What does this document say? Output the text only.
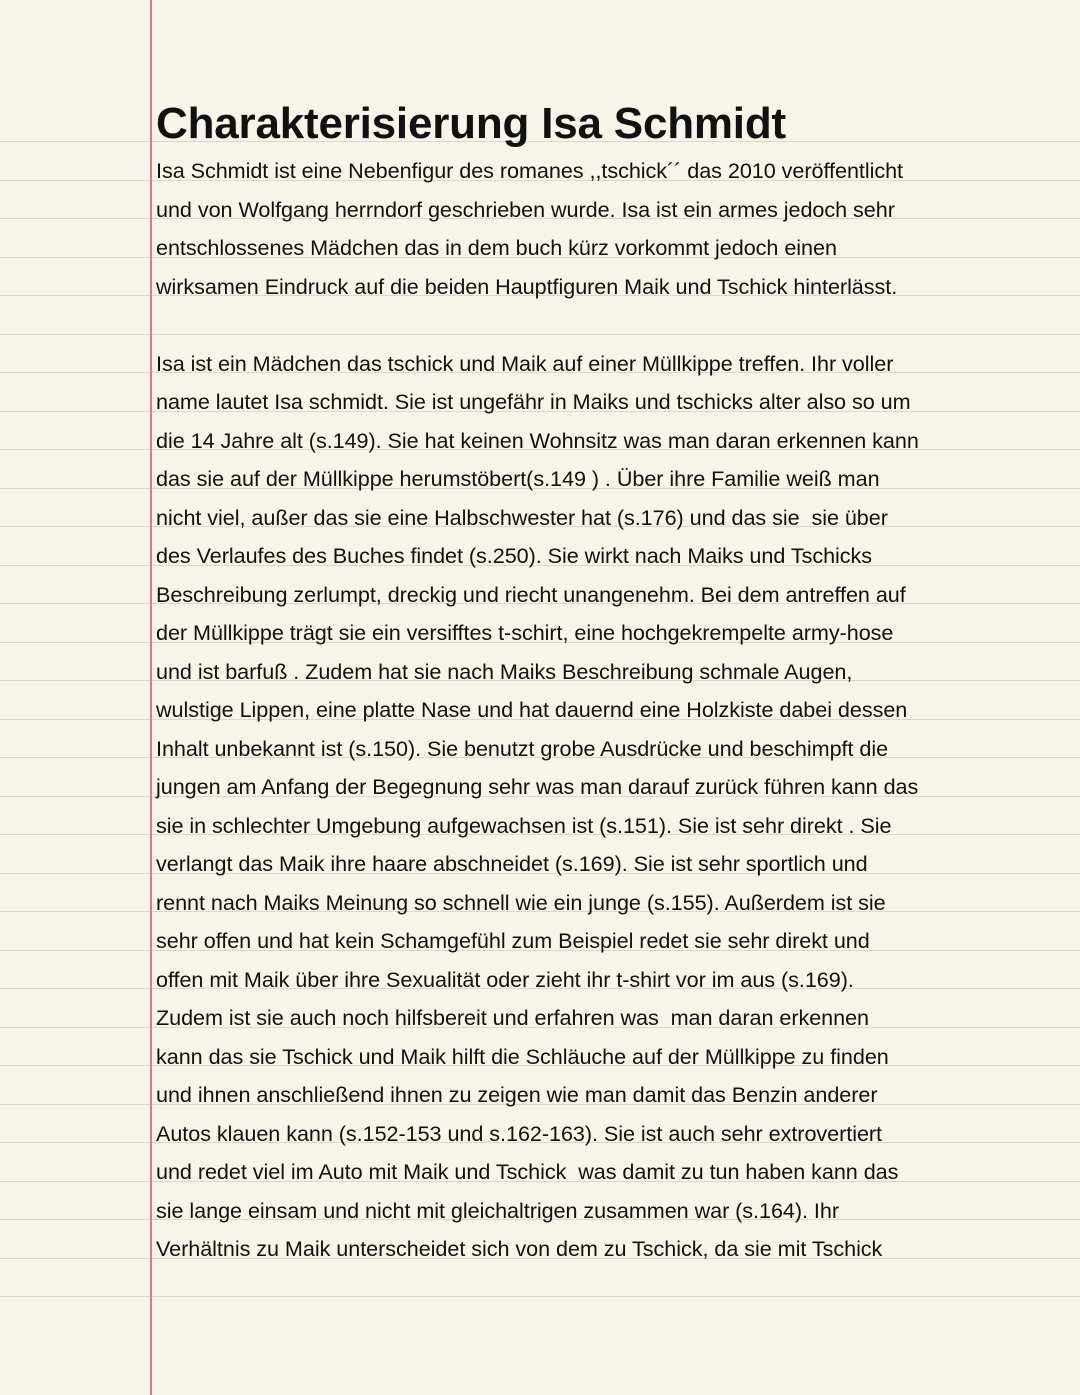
Charakterisierung Isa Schmidt
Isa Schmidt ist eine Nebenfigur des romanes ,,tschick´´ das 2010 veröffentlicht
und von Wolfgang herrndorf geschrieben wurde. Isa ist ein armes jedoch sehr
entschlossenes Mädchen das in dem buch kürz vorkommt jedoch einen
wirksamen Eindruck auf die beiden Hauptfiguren Maik und Tschick hinterlässt.
Isa ist ein Mädchen das tschick und Maik auf einer Müllkippe treffen. Ihr voller
name lautet Isa schmidt. Sie ist ungefähr in Maiks und tschicks alter also so um
die 14 Jahre alt (s.149). Sie hat keinen Wohnsitz was man daran erkennen kann
das sie auf der Müllkippe herumstöbert(s.149 ) . Über ihre Familie weiß man
nicht viel, außer das sie eine Halbschwester hat (s.176) und das sie  sie über
des Verlaufes des Buches findet (s.250). Sie wirkt nach Maiks und Tschicks
Beschreibung zerlumpt, dreckig und riecht unangenehm. Bei dem antreffen auf
der Müllkippe trägt sie ein versifftes t-schirt, eine hochgekrempelte army-hose
und ist barfuß . Zudem hat sie nach Maiks Beschreibung schmale Augen,
wulstige Lippen, eine platte Nase und hat dauernd eine Holzkiste dabei dessen
Inhalt unbekannt ist (s.150). Sie benutzt grobe Ausdrücke und beschimpft die
jungen am Anfang der Begegnung sehr was man darauf zurück führen kann das
sie in schlechter Umgebung aufgewachsen ist (s.151). Sie ist sehr direkt . Sie
verlangt das Maik ihre haare abschneidet (s.169). Sie ist sehr sportlich und
rennt nach Maiks Meinung so schnell wie ein junge (s.155). Außerdem ist sie
sehr offen und hat kein Schamgefühl zum Beispiel redet sie sehr direkt und
offen mit Maik über ihre Sexualität oder zieht ihr t-shirt vor im aus (s.169).
Zudem ist sie auch noch hilfsbereit und erfahren was  man daran erkennen
kann das sie Tschick und Maik hilft die Schläuche auf der Müllkippe zu finden
und ihnen anschließend ihnen zu zeigen wie man damit das Benzin anderer
Autos klauen kann (s.152-153 und s.162-163). Sie ist auch sehr extrovertiert
und redet viel im Auto mit Maik und Tschick  was damit zu tun haben kann das
sie lange einsam und nicht mit gleichaltrigen zusammen war (s.164). Ihr
Verhältnis zu Maik unterscheidet sich von dem zu Tschick, da sie mit Tschick
